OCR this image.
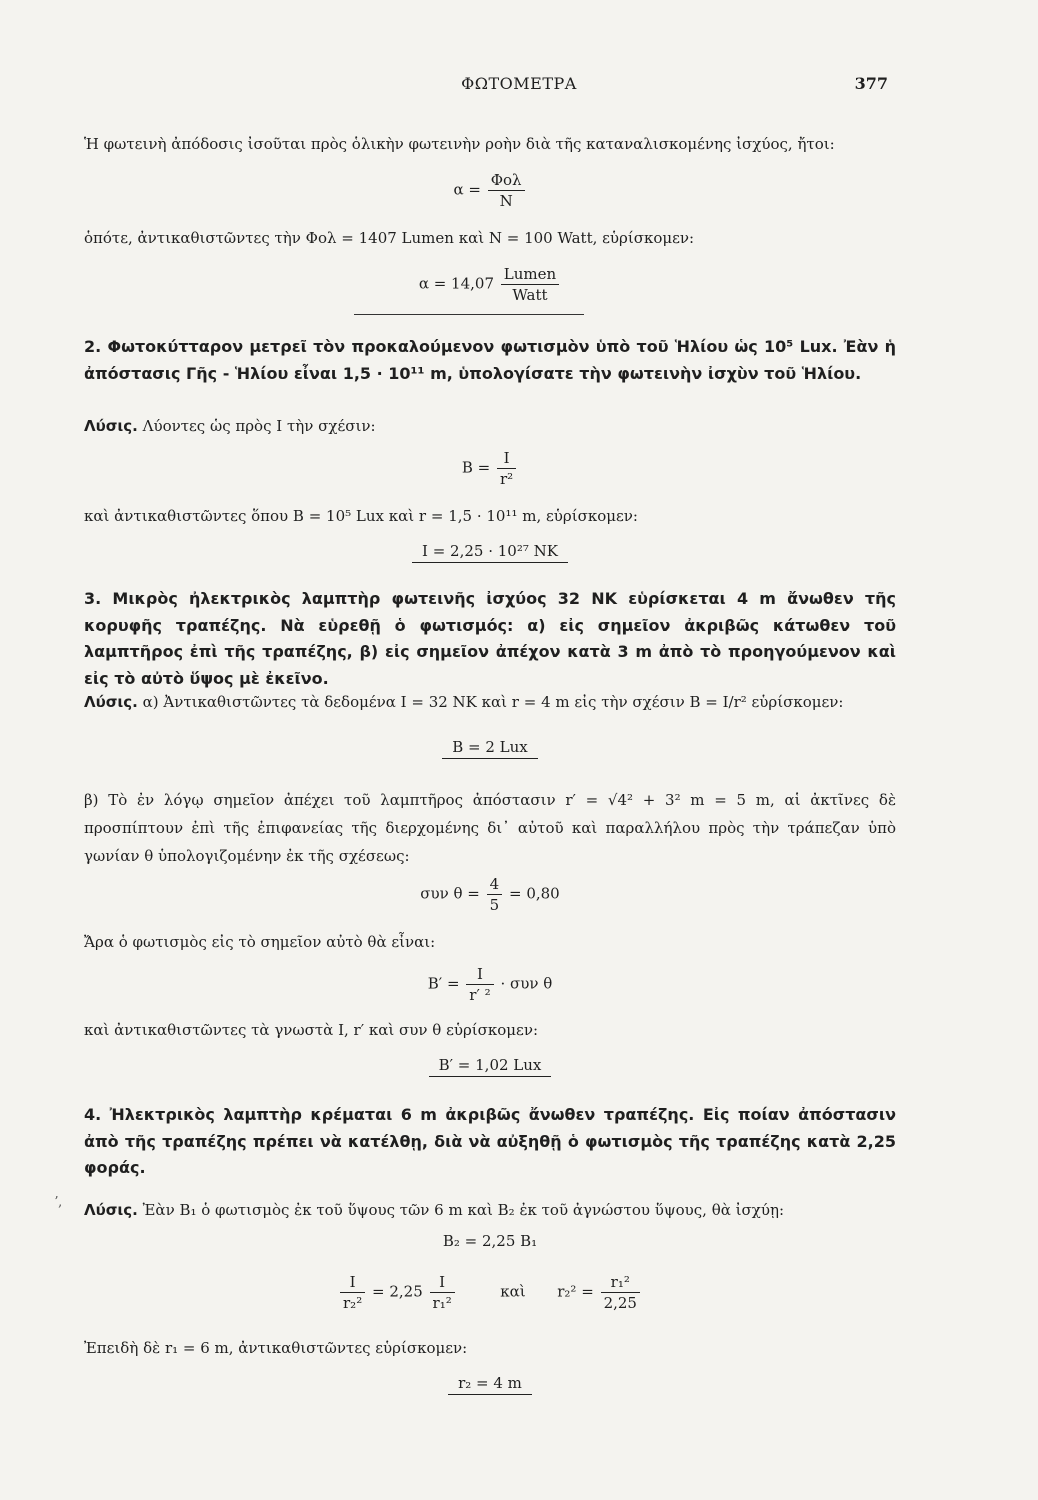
ΦΩΤΟΜΕΤΡΑ	377
ʼ,

Ἡ φωτεινὴ ἀπόδοσις ἰσοῦται πρὸς ὁλικὴν φωτεινὴν ροὴν διὰ τῆς καταναλισκομένης ἰσχύος, ἤτοι:

$\alpha = \frac{\text{Φολ}}{N}$

ὁπότε, ἀντικαθιστῶντες τὴν Φολ = 1407 Lumen καὶ Ν = 100 Watt, εὑρίσκομεν:

$\alpha = 14,07 \frac{\text{Lumen}}{\text{Watt}}$

2. Φωτοκύτταρον μετρεῖ τὸν προκαλούμενον φωτισμὸν ὑπὸ τοῦ Ἡλίου ὡς 10⁵ Lux. Ἐὰν ἡ ἀπόστασις Γῆς - Ἡλίου εἶναι 1,5 · 10¹¹ m, ὑπολογίσατε τὴν φωτεινὴν ἰσχὺν τοῦ Ἡλίου.

Λύσις. Λύοντες ὡς πρὸς I τὴν σχέσιν:

$B = \frac{I}{\text{r²}}$

καὶ ἀντικαθιστῶντες ὅπου B = 10⁵ Lux καὶ r = 1,5 · 10¹¹ m, εὑρίσκομεν:

I = 2,25 · 10²⁷ NK

3. Μικρὸς ἠλεκτρικὸς λαμπτὴρ φωτεινῆς ἰσχύος 32 NK εὑρίσκεται 4 m ἄνωθεν τῆς κορυφῆς τραπέζης. Νὰ εὑρεθῇ ὁ φωτισμός: α) εἰς σημεῖον ἀκριβῶς κάτωθεν τοῦ λαμπτῆρος ἐπὶ τῆς τραπέζης, β) εἰς σημεῖον ἀπέχον κατὰ 3 m ἀπὸ τὸ προηγούμενον καὶ εἰς τὸ αὐτὸ ὕψος μὲ ἐκεῖνο.

Λύσις. α) Ἀντικαθιστῶντες τὰ δεδομένα I = 32 NK καὶ r = 4 m εἰς τὴν σχέσιν B = I/r² εὑρίσκομεν:

B = 2 Lux

β) Τὸ ἐν λόγῳ σημεῖον ἀπέχει τοῦ λαμπτῆρος ἀπόστασιν r′ = √4² + 3² m = 5 m, αἱ ἀκτῖνες δὲ προσπίπτουν ἐπὶ τῆς ἐπιφανείας τῆς διερχομένης δι᾽ αὐτοῦ καὶ παραλλήλου πρὸς τὴν τράπεζαν ὑπὸ γωνίαν θ ὑπολογιζομένην ἐκ τῆς σχέσεως:

συν $\theta = \frac{4}{5} = 0,80$

Ἄρα ὁ φωτισμὸς εἰς τὸ σημεῖον αὐτὸ θὰ εἶναι:

$B' = \frac{I}{\text{r′ ²}} \cdot \sigma\upsilon\nu$ θ

καὶ ἀντικαθιστῶντες τὰ γνωστὰ I, r′ καὶ συν θ εὑρίσκομεν:

B′ = 1,02 Lux

4. Ἠλεκτρικὸς λαμπτὴρ κρέμαται 6 m ἀκριβῶς ἄνωθεν τραπέζης. Εἰς ποίαν ἀπόστασιν ἀπὸ τῆς τραπέζης πρέπει νὰ κατέλθῃ, διὰ νὰ αὐξηθῇ ὁ φωτισμὸς τῆς τραπέζης κατὰ 2,25 φοράς.

Λύσις. Ἐὰν B₁ ὁ φωτισμὸς ἐκ τοῦ ὕψους τῶν 6 m καὶ B₂ ἐκ τοῦ ἀγνώστου ὕψους, θὰ ἰσχύῃ:

B₂ = 2,25 B₁
$\frac{I}{\text{r₂²}} = 2,25 \frac{I}{\text{r₁²}}$	καὶ $r_2^2 = \frac{\text{r₁²}}{2,25}$

Ἐπειδὴ δὲ r₁ = 6 m, ἀντικαθιστῶντες εὑρίσκομεν:

r₂ = 4 m
